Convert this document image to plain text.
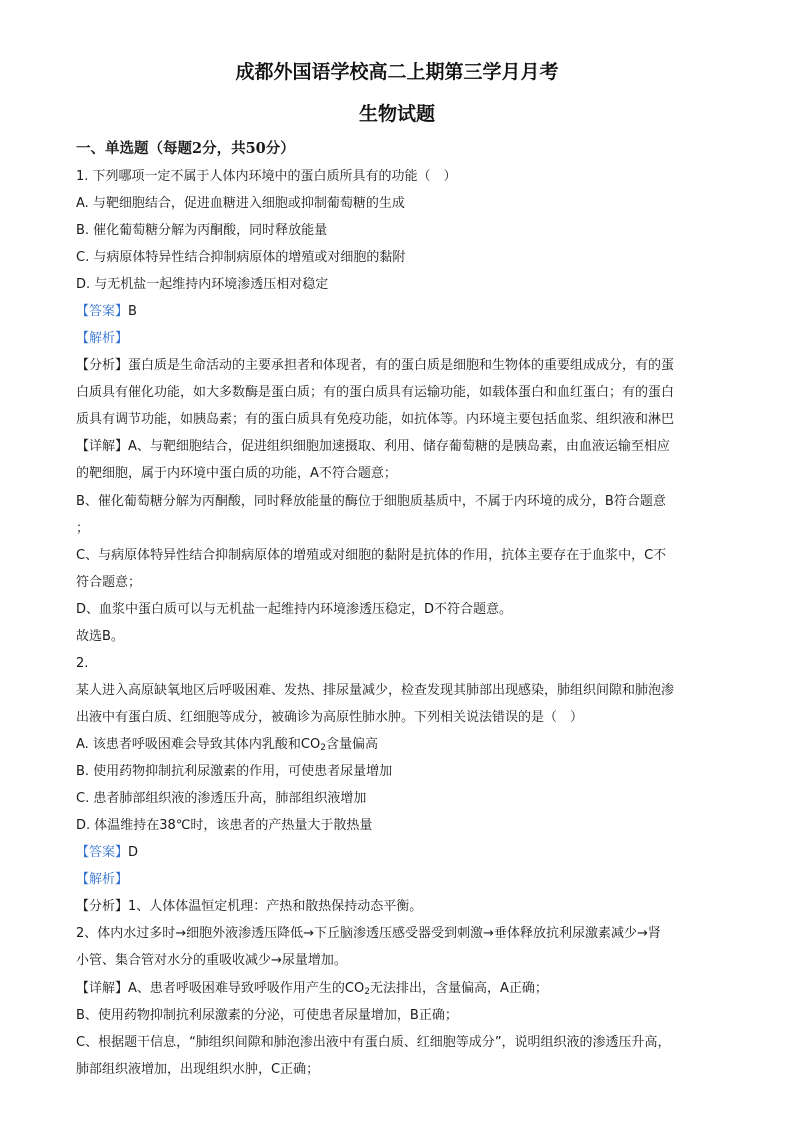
成都外国语学校高二上期第三学月月考
生物试题
一、单选题（每题2分，共50分）
1. 下列哪项一定不属于人体内环境中的蛋白质所具有的功能（　）
A. 与靶细胞结合，促进血糖进入细胞或抑制葡萄糖的生成
B. 催化葡萄糖分解为丙酮酸，同时释放能量
C. 与病原体特异性结合抑制病原体的增殖或对细胞的黏附
D. 与无机盐一起维持内环境渗透压相对稳定
【答案】B
【解析】
【分析】蛋白质是生命活动的主要承担者和体现者，有的蛋白质是细胞和生物体的重要组成成分，有的蛋
白质具有催化功能，如大多数酶是蛋白质；有的蛋白质具有运输功能，如载体蛋白和血红蛋白；有的蛋白
质具有调节功能，如胰岛素；有的蛋白质具有免疫功能，如抗体等。内环境主要包括血浆、组织液和淋巴
【详解】A、与靶细胞结合，促进组织细胞加速摄取、利用、储存葡萄糖的是胰岛素，由血液运输至相应
的靶细胞，属于内环境中蛋白质的功能，A不符合题意；
B、催化葡萄糖分解为丙酮酸，同时释放能量的酶位于细胞质基质中，不属于内环境的成分，B符合题意
；
C、与病原体特异性结合抑制病原体的增殖或对细胞的黏附是抗体的作用，抗体主要存在于血浆中，C不
符合题意；
D、血浆中蛋白质可以与无机盐一起维持内环境渗透压稳定，D不符合题意。
故选B。
2.
某人进入高原缺氧地区后呼吸困难、发热、排尿量减少，检查发现其肺部出现感染，肺组织间隙和肺泡渗
出液中有蛋白质、红细胞等成分，被确诊为高原性肺水肿。下列相关说法错误的是（　）
A. 该患者呼吸困难会导致其体内乳酸和$CO_2$含量偏高
B. 使用药物抑制抗利尿激素的作用，可使患者尿量增加
C. 患者肺部组织液的渗透压升高，肺部组织液增加
D. 体温维持在38℃时，该患者的产热量大于散热量
【答案】D
【解析】
【分析】1、人体体温恒定机理：产热和散热保持动态平衡。
2、体内水过多时→细胞外液渗透压降低→下丘脑渗透压感受器受到刺激→垂体释放抗利尿激素减少→肾
小管、集合管对水分的重吸收减少→尿量增加。
【详解】A、患者呼吸困难导致呼吸作用产生的$CO_2$无法排出，含量偏高，A正确；
B、使用药物抑制抗利尿激素的分泌，可使患者尿量增加，B正确；
C、根据题干信息，“肺组织间隙和肺泡渗出液中有蛋白质、红细胞等成分”，说明组织液的渗透压升高，
肺部组织液增加，出现组织水肿，C正确；
